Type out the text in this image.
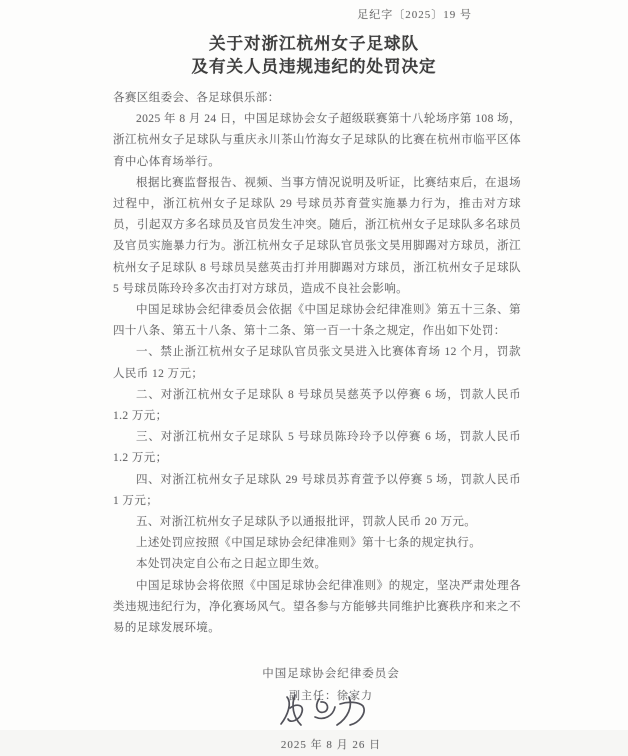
足纪字〔2025〕19 号
关于对浙江杭州女子足球队
及有关人员违规违纪的处罚决定

各赛区组委会、各足球俱乐部：

2025 年 8 月 24 日，中国足球协会女子超级联赛第十八轮场序第 108 场，浙江杭州女子足球队与重庆永川茶山竹海女子足球队的比赛在杭州市临平区体育中心体育场举行。

根据比赛监督报告、视频、当事方情况说明及听证，比赛结束后，在退场过程中，浙江杭州女子足球队 29 号球员苏育萱实施暴力行为，推击对方球员，引起双方多名球员及官员发生冲突。随后，浙江杭州女子足球队多名球员及官员实施暴力行为。浙江杭州女子足球队官员张文昊用脚踢对方球员，浙江杭州女子足球队 8 号球员吴慈英击打并用脚踢对方球员，浙江杭州女子足球队 5 号球员陈玲玲多次击打对方球员，造成不良社会影响。

中国足球协会纪律委员会依据《中国足球协会纪律准则》第五十三条、第四十八条、第五十八条、第十二条、第一百一十条之规定，作出如下处罚：

一、禁止浙江杭州女子足球队官员张文昊进入比赛体育场 12 个月，罚款人民币 12 万元；

二、对浙江杭州女子足球队 8 号球员吴慈英予以停赛 6 场，罚款人民币 1.2 万元；

三、对浙江杭州女子足球队 5 号球员陈玲玲予以停赛 6 场，罚款人民币 1.2 万元；

四、对浙江杭州女子足球队 29 号球员苏育萱予以停赛 5 场，罚款人民币 1 万元；

五、对浙江杭州女子足球队予以通报批评，罚款人民币 20 万元。

上述处罚应按照《中国足球协会纪律准则》第十七条的规定执行。

本处罚决定自公布之日起立即生效。

中国足球协会将依照《中国足球协会纪律准则》的规定，坚决严肃处理各类违规违纪行为，净化赛场风气。望各参与方能够共同维护比赛秩序和来之不易的足球发展环境。

中国足球协会纪律委员会
副主任：徐家力
2025 年 8 月 26 日
